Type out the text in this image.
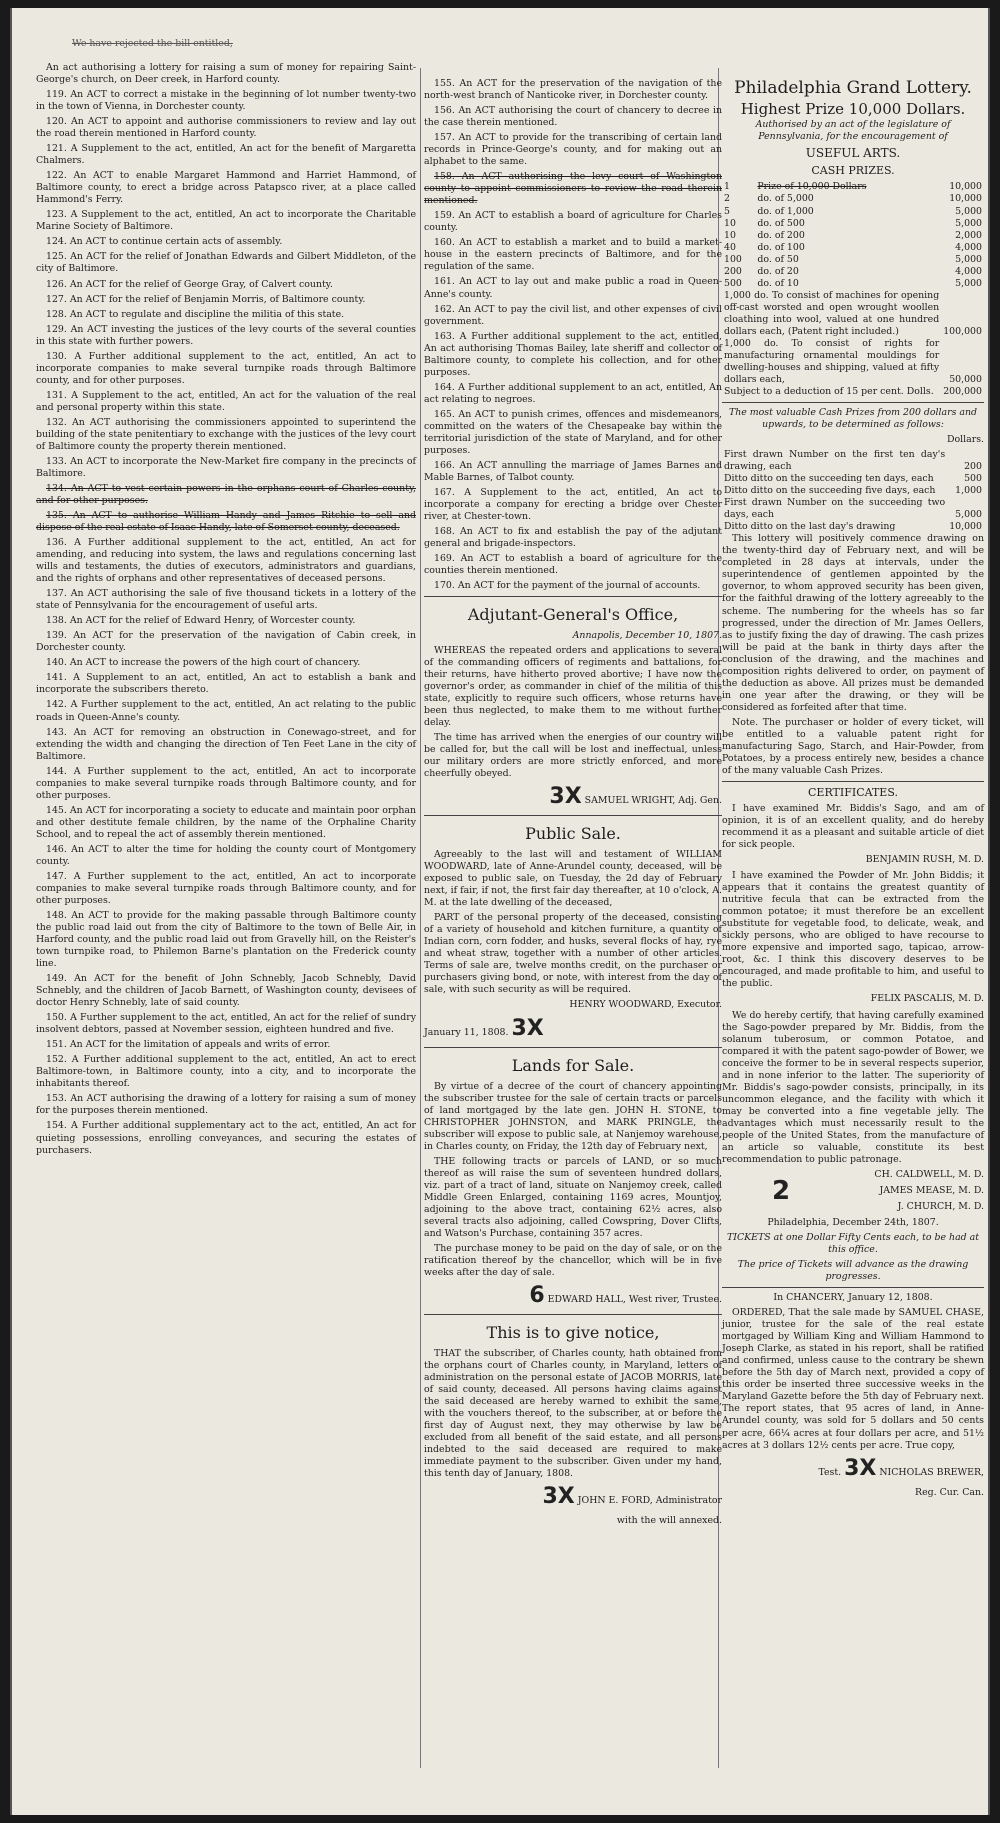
We have rejected the bill entitled,

An act authorising a lottery for raising a sum of money for repairing Saint-George's church, on Deer creek, in Harford county.

119. An ACT to correct a mistake in the beginning of lot number twenty-two in the town of Vienna, in Dorchester county.

120. An ACT to appoint and authorise commissioners to review and lay out the road therein mentioned in Harford county.

121. A Supplement to the act, entitled, An act for the benefit of Margaretta Chalmers.

122. An ACT to enable Margaret Hammond and Harriet Hammond, of Baltimore county, to erect a bridge across Patapsco river, at a place called Hammond's Ferry.

123. A Supplement to the act, entitled, An act to incorporate the Charitable Marine Society of Baltimore.

124. An ACT to continue certain acts of assembly.

125. An ACT for the relief of Jonathan Edwards and Gilbert Middleton, of the city of Baltimore.

126. An ACT for the relief of George Gray, of Calvert county.

127. An ACT for the relief of Benjamin Morris, of Baltimore county.

128. An ACT to regulate and discipline the militia of this state.

129. An ACT investing the justices of the levy courts of the several counties in this state with further powers.

130. A Further additional supplement to the act, entitled, An act to incorporate companies to make several turnpike roads through Baltimore county, and for other purposes.

131. A Supplement to the act, entitled, An act for the valuation of the real and personal property within this state.

132. An ACT authorising the commissioners appointed to superintend the building of the state penitentiary to exchange with the justices of the levy court of Baltimore county the property therein mentioned.

133. An ACT to incorporate the New-Market fire company in the precincts of Baltimore.

134. An ACT to vest certain powers in the orphans court of Charles county, and for other purposes.

135. An ACT to authorise William Handy and James Ritchie to sell and dispose of the real estate of Isaac Handy, late of Somerset county, deceased.

136. A Further additional supplement to the act, entitled, An act for amending, and reducing into system, the laws and regulations concerning last wills and testaments, the duties of executors, administrators and guardians, and the rights of orphans and other representatives of deceased persons.

137. An ACT authorising the sale of five thousand tickets in a lottery of the state of Pennsylvania for the encouragement of useful arts.

138. An ACT for the relief of Edward Henry, of Worcester county.

139. An ACT for the preservation of the navigation of Cabin creek, in Dorchester county.

140. An ACT to increase the powers of the high court of chancery.

141. A Supplement to an act, entitled, An act to establish a bank and incorporate the subscribers thereto.

142. A Further supplement to the act, entitled, An act relating to the public roads in Queen-Anne's county.

143. An ACT for removing an obstruction in Conewago-street, and for extending the width and changing the direction of Ten Feet Lane in the city of Baltimore.

144. A Further supplement to the act, entitled, An act to incorporate companies to make several turnpike roads through Baltimore county, and for other purposes.

145. An ACT for incorporating a society to educate and maintain poor orphan and other destitute female children, by the name of the Orphaline Charity School, and to repeal the act of assembly therein mentioned.

146. An ACT to alter the time for holding the county court of Montgomery county.

147. A Further supplement to the act, entitled, An act to incorporate companies to make several turnpike roads through Baltimore county, and for other purposes.

148. An ACT to provide for the making passable through Baltimore county the public road laid out from the city of Baltimore to the town of Belle Air, in Harford county, and the public road laid out from Gravelly hill, on the Reister's town turnpike road, to Philemon Barne's plantation on the Frederick county line.

149. An ACT for the benefit of John Schnebly, Jacob Schnebly, David Schnebly, and the children of Jacob Barnett, of Washington county, devisees of doctor Henry Schnebly, late of said county.

150. A Further supplement to the act, entitled, An act for the relief of sundry insolvent debtors, passed at November session, eighteen hundred and five.

151. An ACT for the limitation of appeals and writs of error.

152. A Further additional supplement to the act, entitled, An act to erect Baltimore-town, in Baltimore county, into a city, and to incorporate the inhabitants thereof.

153. An ACT authorising the drawing of a lottery for raising a sum of money for the purposes therein mentioned.

154. A Further additional supplementary act to the act, entitled, An act for quieting possessions, enrolling conveyances, and securing the estates of purchasers.

155. An ACT for the preservation of the navigation of the north-west branch of Nanticoke river, in Dorchester county.

156. An ACT authorising the court of chancery to decree in the case therein mentioned.

157. An ACT to provide for the transcribing of certain land records in Prince-George's county, and for making out an alphabet to the same.

158. An ACT authorising the levy court of Washington county to appoint commissioners to review the road therein mentioned.

159. An ACT to establish a board of agriculture for Charles county.

160. An ACT to establish a market and to build a market-house in the eastern precincts of Baltimore, and for the regulation of the same.

161. An ACT to lay out and make public a road in Queen-Anne's county.

162. An ACT to pay the civil list, and other expenses of civil government.

163. A Further additional supplement to the act, entitled, An act authorising Thomas Bailey, late sheriff and collector of Baltimore county, to complete his collection, and for other purposes.

164. A Further additional supplement to an act, entitled, An act relating to negroes.

165. An ACT to punish crimes, offences and misdemeanors, committed on the waters of the Chesapeake bay within the territorial jurisdiction of the state of Maryland, and for other purposes.

166. An ACT annulling the marriage of James Barnes and Mable Barnes, of Talbot county.

167. A Supplement to the act, entitled, An act to incorporate a company for erecting a bridge over Chester river, at Chester-town.

168. An ACT to fix and establish the pay of the adjutant general and brigade-inspectors.

169. An ACT to establish a board of agriculture for the counties therein mentioned.

170. An ACT for the payment of the journal of accounts.

Adjutant-General's Office,

Annapolis, December 10, 1807.

WHEREAS the repeated orders and applications to several of the commanding officers of regiments and battalions, for their returns, have hitherto proved abortive; I have now the governor's order, as commander in chief of the militia of this state, explicitly to require such officers, whose returns have been thus neglected, to make them to me without further delay.

The time has arrived when the energies of our country will be called for, but the call will be lost and ineffectual, unless our military orders are more strictly enforced, and more cheerfully obeyed.

3X SAMUEL WRIGHT, Adj. Gen.

Public Sale.

Agreeably to the last will and testament of WILLIAM WOODWARD, late of Anne-Arundel county, deceased, will be exposed to public sale, on Tuesday, the 2d day of February next, if fair, if not, the first fair day thereafter, at 10 o'clock, A. M. at the late dwelling of the deceased,

PART of the personal property of the deceased, consisting of a variety of household and kitchen furniture, a quantity of Indian corn, corn fodder, and husks, several flocks of hay, rye and wheat straw, together with a number of other articles. Terms of sale are, twelve months credit, on the purchaser or purchasers giving bond, or note, with interest from the day of sale, with such security as will be required.

HENRY WOODWARD, Executor.

January 11, 1808. 3X

Lands for Sale.

By virtue of a decree of the court of chancery appointing the subscriber trustee for the sale of certain tracts or parcels of land mortgaged by the late gen. JOHN H. STONE, to CHRISTOPHER JOHNSTON, and MARK PRINGLE, the subscriber will expose to public sale, at Nanjemoy warehouse, in Charles county, on Friday, the 12th day of February next,

THE following tracts or parcels of LAND, or so much thereof as will raise the sum of seventeen hundred dollars, viz. part of a tract of land, situate on Nanjemoy creek, called Middle Green Enlarged, containing 1169 acres, Mountjoy, adjoining to the above tract, containing 62½ acres, also several tracts also adjoining, called Cowspring, Dover Clifts, and Watson's Purchase, containing 357 acres.

The purchase money to be paid on the day of sale, or on the ratification thereof by the chancellor, which will be in five weeks after the day of sale.

6 EDWARD HALL, West river, Trustee.

This is to give notice,

THAT the subscriber, of Charles county, hath obtained from the orphans court of Charles county, in Maryland, letters of administration on the personal estate of JACOB MORRIS, late of said county, deceased. All persons having claims against the said deceased are hereby warned to exhibit the same, with the vouchers thereof, to the subscriber, at or before the first day of August next, they may otherwise by law be excluded from all benefit of the said estate, and all persons indebted to the said deceased are required to make immediate payment to the subscriber. Given under my hand, this tenth day of January, 1808.

3X JOHN E. FORD, Administrator

with the will annexed.

Philadelphia Grand Lottery.

Highest Prize 10,000 Dollars.

Authorised by an act of the legislature of Pennsylvania, for the encouragement of

USEFUL ARTS.

CASH PRIZES.

1	Prize of 10,000 Dollars	10,000
2	do. of 5,000	10,000
5	do. of 1,000	5,000
10	do. of 500	5,000
10	do. of 200	2,000
40	do. of 100	4,000
100	do. of 50	5,000
200	do. of 20	4,000
500	do. of 10	5,000
1,000 do. To consist of machines for opening off-cast worsted and open wrought woollen cloathing into wool, valued at one hundred dollars each, (Patent right included.)	100,000
1,000 do. To consist of rights for manufacturing ornamental mouldings for dwelling-houses and shipping, valued at fifty dollars each,	50,000
Subject to a deduction of 15 per cent. Dolls.	200,000

The most valuable Cash Prizes from 200 dollars and upwards, to be determined as follows:

Dollars.

First drawn Number on the first ten day's drawing, each	200
Ditto ditto on the succeeding ten days, each	500
Ditto ditto on the succeeding five days, each	1,000
First drawn Number on the succeeding two days, each	5,000
Ditto ditto on the last day's drawing	10,000

This lottery will positively commence drawing on the twenty-third day of February next, and will be completed in 28 days at intervals, under the superintendence of gentlemen appointed by the governor, to whom approved security has been given, for the faithful drawing of the lottery agreeably to the scheme. The numbering for the wheels has so far progressed, under the direction of Mr. James Oellers, as to justify fixing the day of drawing. The cash prizes will be paid at the bank in thirty days after the conclusion of the drawing, and the machines and composition rights delivered to order, on payment of the deduction as above. All prizes must be demanded in one year after the drawing, or they will be considered as forfeited after that time.

Note. The purchaser or holder of every ticket, will be entitled to a valuable patent right for manufacturing Sago, Starch, and Hair-Powder, from Potatoes, by a process entirely new, besides a chance of the many valuable Cash Prizes.

CERTIFICATES.

I have examined Mr. Biddis's Sago, and am of opinion, it is of an excellent quality, and do hereby recommend it as a pleasant and suitable article of diet for sick people.

BENJAMIN RUSH, M. D.

I have examined the Powder of Mr. John Biddis; it appears that it contains the greatest quantity of nutritive fecula that can be extracted from the common potatoe; it must therefore be an excellent substitute for vegetable food, to delicate, weak, and sickly persons, who are obliged to have recourse to more expensive and imported sago, tapicao, arrow-root, &c. I think this discovery deserves to be encouraged, and made profitable to him, and useful to the public.

FELIX PASCALIS, M. D.

We do hereby certify, that having carefully examined the Sago-powder prepared by Mr. Biddis, from the solanum tuberosum, or common Potatoe, and compared it with the patent sago-powder of Bower, we conceive the former to be in several respects superior, and in none inferior to the latter. The superiority of Mr. Biddis's sago-powder consists, principally, in its uncommon elegance, and the facility with which it may be converted into a fine vegetable jelly. The advantages which must necessarily result to the people of the United States, from the manufacture of an article so valuable, constitute its best recommendation to public patronage.

2

CH. CALDWELL, M. D.

JAMES MEASE, M. D.

J. CHURCH, M. D.

Philadelphia, December 24th, 1807.

TICKETS at one Dollar Fifty Cents each, to be had at this office.

The price of Tickets will advance as the drawing progresses.

In CHANCERY, January 12, 1808.

ORDERED, That the sale made by SAMUEL CHASE, junior, trustee for the sale of the real estate mortgaged by William King and William Hammond to Joseph Clarke, as stated in his report, shall be ratified and confirmed, unless cause to the contrary be shewn before the 5th day of March next, provided a copy of this order be inserted three successive weeks in the Maryland Gazette before the 5th day of February next. The report states, that 95 acres of land, in Anne-Arundel county, was sold for 5 dollars and 50 cents per acre, 66¼ acres at four dollars per acre, and 51½ acres at 3 dollars 12½ cents per acre. True copy,

Test. 3X NICHOLAS BREWER,

Reg. Cur. Can.
